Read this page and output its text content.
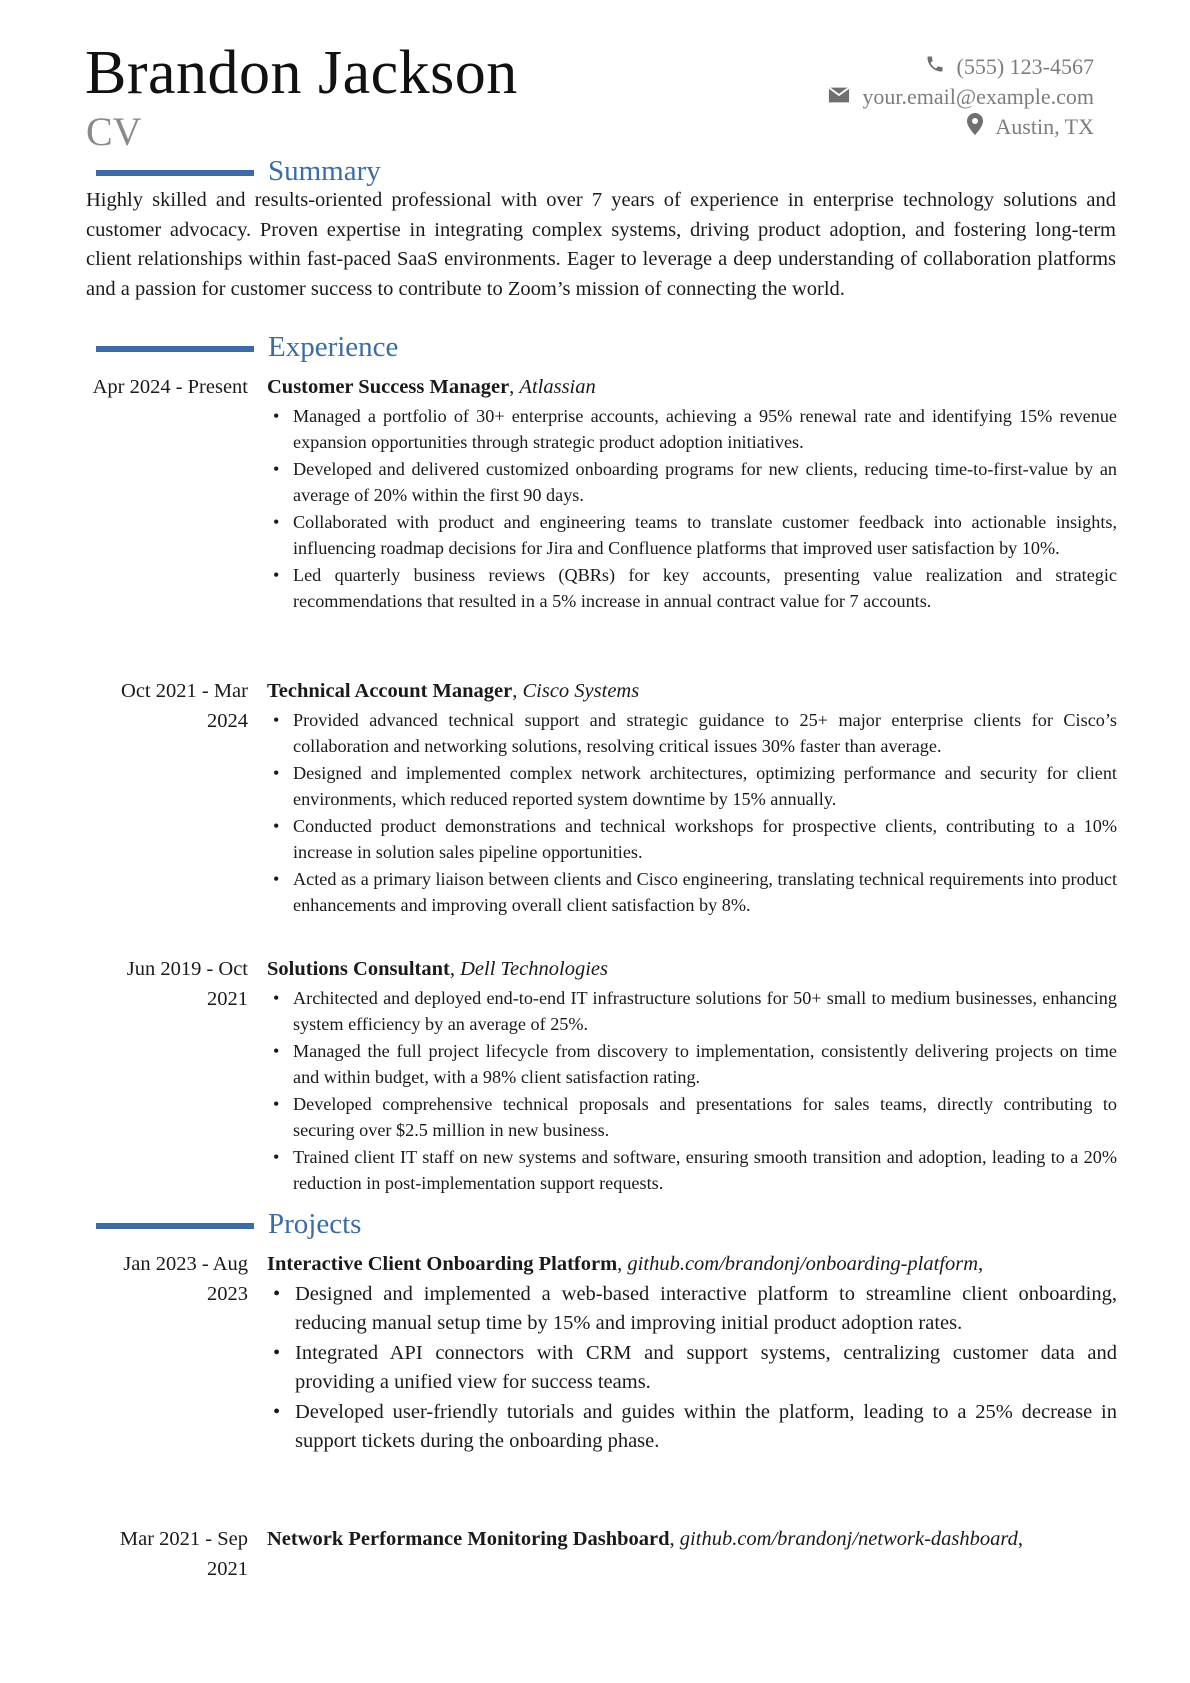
Brandon Jackson
CV
(555) 123-4567
your.email@example.com
Austin, TX
Summary
Highly skilled and results-oriented professional with over 7 years of experience in enterprise technology solutions and customer advocacy. Proven expertise in integrating complex systems, driving product adoption, and fostering long-term client relationships within fast-paced SaaS environments. Eager to leverage a deep understanding of collaboration platforms and a passion for customer success to contribute to Zoom’s mission of connecting the world.
Experience
Apr 2024 - Present Customer Success Manager, Atlassian
• Managed a portfolio of 30+ enterprise accounts, achieving a 95% renewal rate and identifying 15% revenue expansion opportunities through strategic product adoption initiatives.
• Developed and delivered customized onboarding programs for new clients, reducing time-to-first-value by an average of 20% within the first 90 days.
• Collaborated with product and engineering teams to translate customer feedback into actionable insights, influencing roadmap decisions for Jira and Confluence platforms that improved user satisfaction by 10%.
• Led quarterly business reviews (QBRs) for key accounts, presenting value realization and strategic recommendations that resulted in a 5% increase in annual contract value for 7 accounts.
Oct 2021 - Mar 2024
Technical Account Manager, Cisco Systems
• Provided advanced technical support and strategic guidance to 25+ major enterprise clients for Cisco’s collaboration and networking solutions, resolving critical issues 30% faster than average.
• Designed and implemented complex network architectures, optimizing performance and security for client environments, which reduced reported system downtime by 15% annually.
• Conducted product demonstrations and technical workshops for prospective clients, contributing to a 10% increase in solution sales pipeline opportunities.
• Acted as a primary liaison between clients and Cisco engineering, translating technical requirements into product enhancements and improving overall client satisfaction by 8%.
Jun 2019 - Oct 2021
Solutions Consultant, Dell Technologies
• Architected and deployed end-to-end IT infrastructure solutions for 50+ small to medium businesses, enhancing system efficiency by an average of 25%.
• Managed the full project lifecycle from discovery to implementation, consistently delivering projects on time and within budget, with a 98% client satisfaction rating.
• Developed comprehensive technical proposals and presentations for sales teams, directly contributing to securing over $2.5 million in new business.
• Trained client IT staff on new systems and software, ensuring smooth transition and adoption, leading to a 20% reduction in post-implementation support requests.
Projects
Jan 2023 - Aug 2023
Interactive Client Onboarding Platform, github.com/brandonj/onboarding-platform,
• Designed and implemented a web-based interactive platform to streamline client onboarding, reducing manual setup time by 15% and improving initial product adoption rates.
• Integrated API connectors with CRM and support systems, centralizing customer data and providing a unified view for success teams.
• Developed user-friendly tutorials and guides within the platform, leading to a 25% decrease in support tickets during the onboarding phase.
Mar 2021 - Sep 2021
Network Performance Monitoring Dashboard, github.com/brandonj/network-dashboard,
